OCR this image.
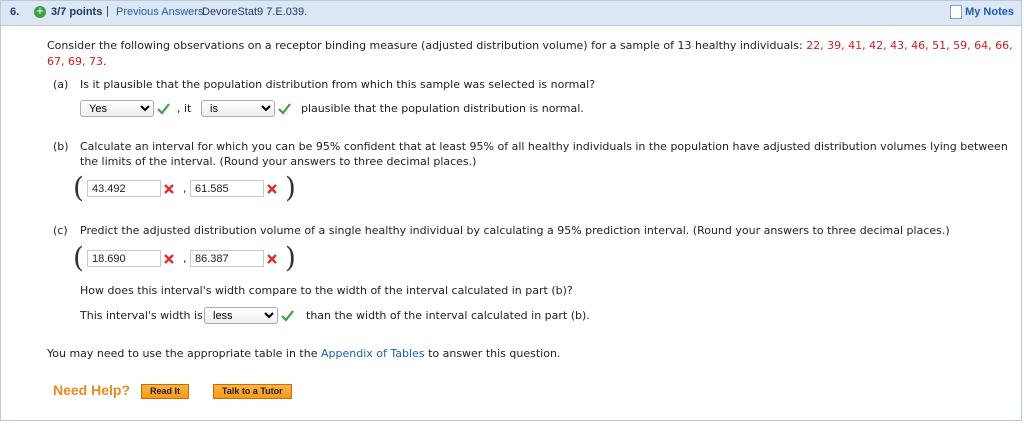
6. + 3/7 points | Previous Answers
DevoreStat9 7.E.039.	My Notes
Consider the following observations on a receptor binding measure (adjusted distribution volume) for a sample of 13 healthy individuals: 22, 39, 41, 42, 43, 46, 51, 59, 64, 66,
67, 69, 73.
(a) Is it plausible that the population distribution from which this sample was selected is normal?
Yes
, it
is	plausible that the population distribution is normal.
(b) Calculate an interval for which you can be 95% confident that at least 95% of all healthy individuals in the population have adjusted distribution volumes lying between
the limits of the interval. (Round your answers to three decimal places.)
(
43.492	,
61.585	)
(c) Predict the adjusted distribution volume of a single healthy individual by calculating a 95% prediction interval. (Round your answers to three decimal places.)
(
18.690	,
86.387	)
How does this interval's width compare to the width of the interval calculated in part (b)?
This interval's width is
less	than the width of the interval calculated in part (b).
You may need to use the appropriate table in the Appendix of Tables to answer this question.
Need Help?	Read It	Talk to a Tutor
